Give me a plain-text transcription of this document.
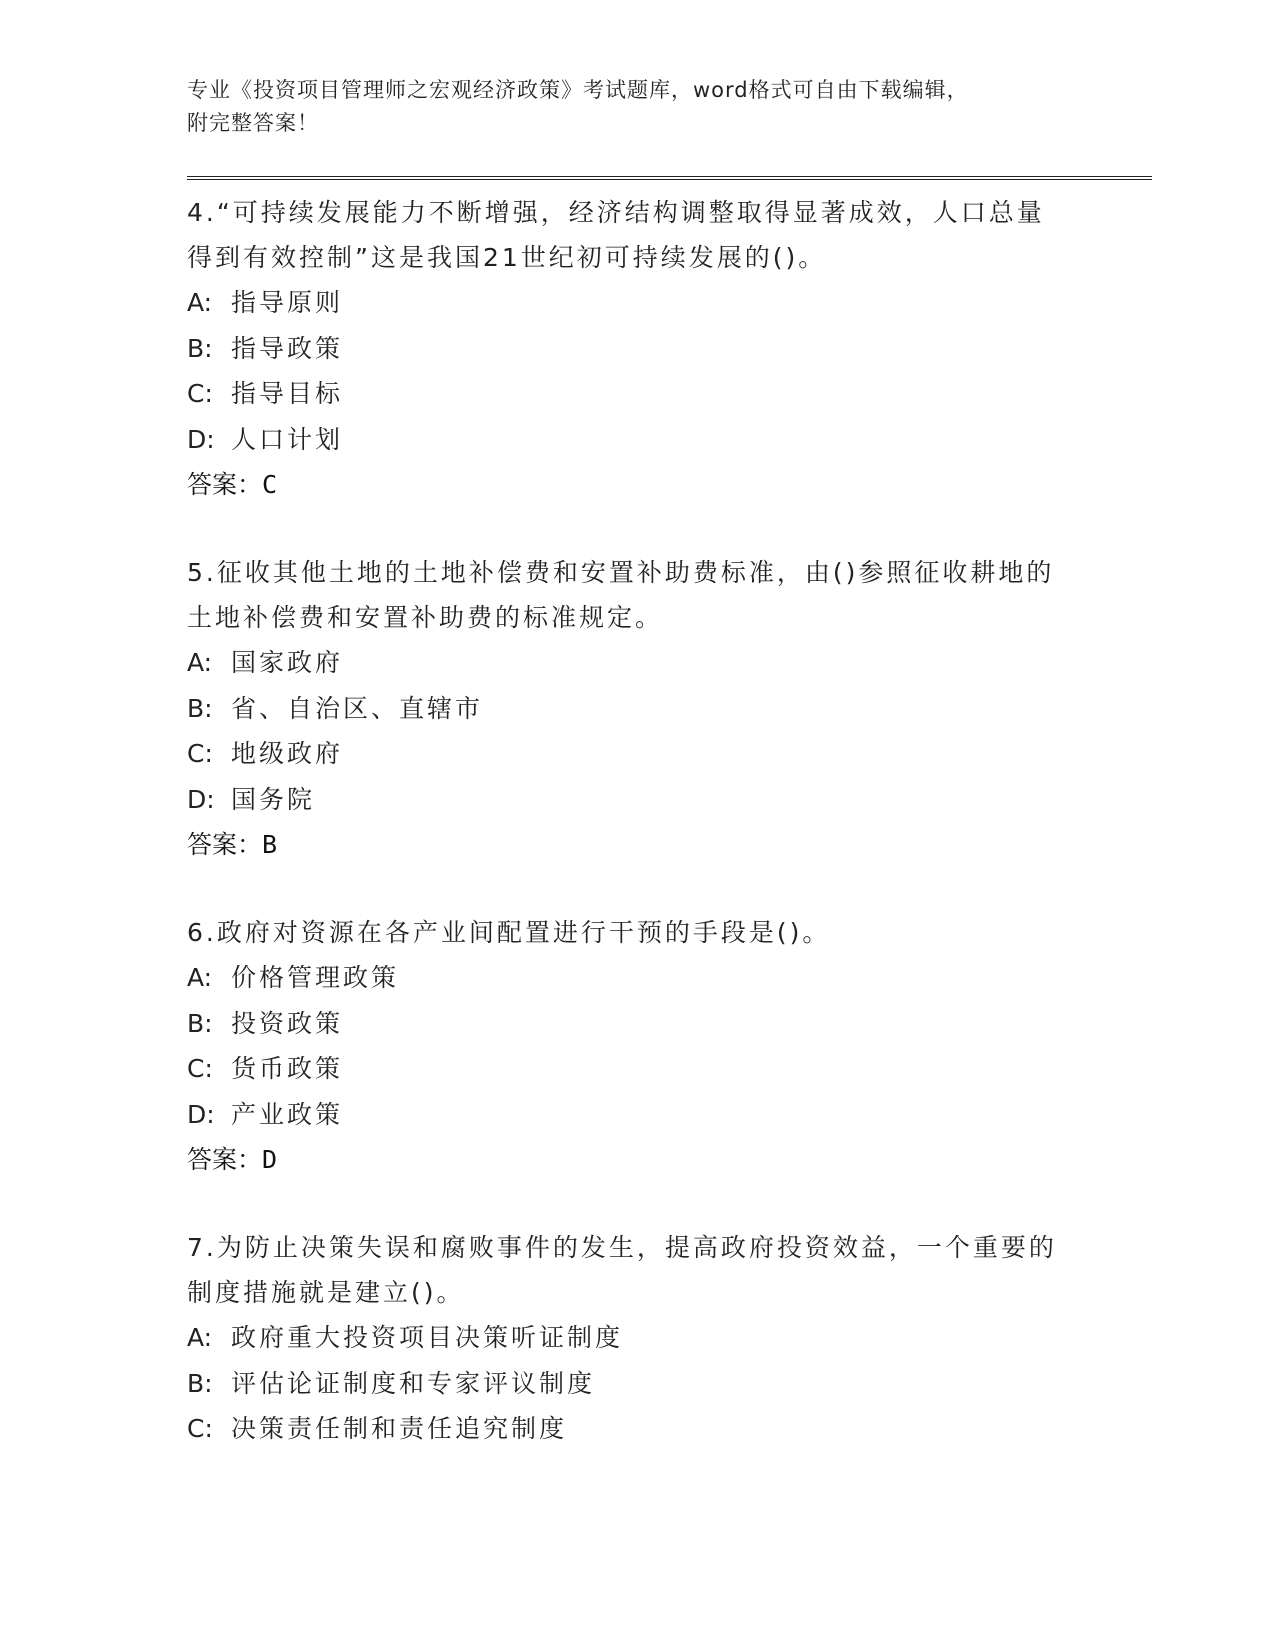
专业《投资项目管理师之宏观经济政策》考试题库，word格式可自由下载编辑，
附完整答案！

4.“可持续发展能力不断增强，经济结构调整取得显著成效，人口总量得到有效控制”这是我国21世纪初可持续发展的()。

A: 指导原则
B: 指导政策
C: 指导目标
D: 人口计划
答案：C

5.征收其他土地的土地补偿费和安置补助费标准，由()参照征收耕地的土地补偿费和安置补助费的标准规定。

A: 国家政府
B: 省、自治区、直辖市
C: 地级政府
D: 国务院
答案：B

6.政府对资源在各产业间配置进行干预的手段是()。

A: 价格管理政策
B: 投资政策
C: 货币政策
D: 产业政策
答案：D

7.为防止决策失误和腐败事件的发生，提高政府投资效益，一个重要的制度措施就是建立()。

A: 政府重大投资项目决策听证制度
B: 评估论证制度和专家评议制度
C: 决策责任制和责任追究制度
